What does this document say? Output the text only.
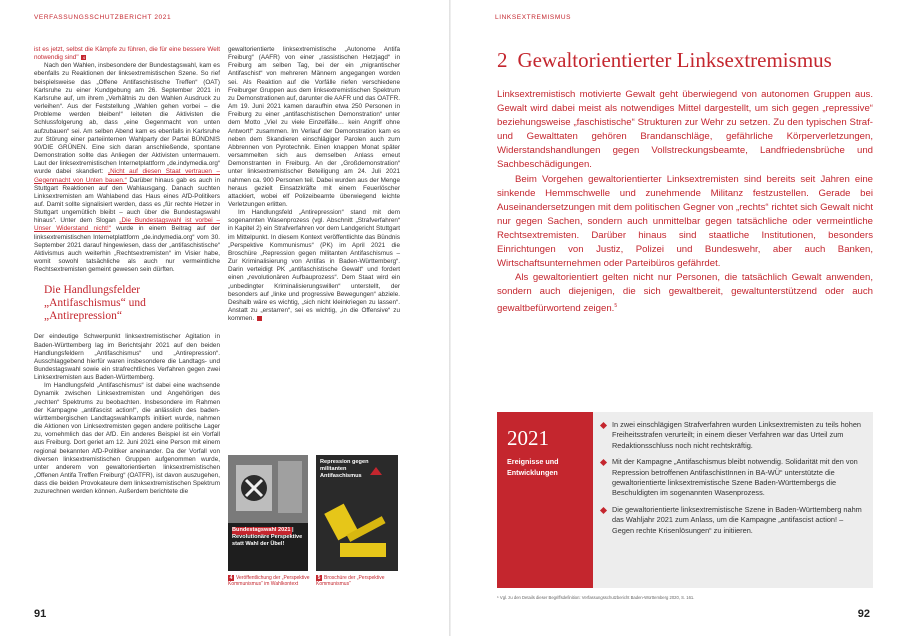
VERFASSUNGSSCHUTZBERICHT 2021

ist es jetzt, selbst die Kämpfe zu führen, die für eine bessere Welt notwendig sind" 4

Nach den Wahlen, insbesondere der Bundestagswahl, kam es ebenfalls zu Reaktionen der linksextremistischen Szene. So rief beispielsweise das „Offene Antifaschistische Treffen“ (OAT) Karlsruhe zu einer Kundgebung am 26. September 2021 in Karlsruhe auf, um ihrem „Verhältnis zu den Wahlen Ausdruck zu verleihen“. Aus der Feststellung „Wahlen gehen vorbei – die Probleme werden bleiben!“ leiteten die Aktivisten die Schlussfolgerung ab, dass „eine Gegenmacht von unten aufzubauen“ sei. Am selben Abend kam es ebenfalls in Karlsruhe zur Störung einer parteiinternen Wahlparty der Partei BÜNDNIS 90/DIE GRÜNEN. Eine sich daran anschließende, spontane Demonstration sollte das Anliegen der Aktivisten untermauern. Laut der linksextremistischen Internetplattform „de.indymedia.org“ wurde dabei skandiert: „Nicht auf diesen Staat vertrauen – Gegenmacht von Unten bauen.“ Darüber hinaus gab es auch in Stuttgart Reaktionen auf den Wahlausgang. Danach suchten Linksextremisten am Wahlabend das Haus eines AfD-Politikers auf. Damit sollte signalisiert werden, dass es „für rechte Hetzer in Stuttgart ungemütlich bleibt – auch über die Bundestagswahl hinaus“. Unter dem Slogan „Die Bundestagswahl ist vorbei – Unser Widerstand nicht!“ wurde in einem Beitrag auf der linksextremistischen Internetplattform „de.indymedia.org“ vom 30. September 2021 darauf hingewiesen, dass der „antifaschistische“ Aktivismus auch weiterhin „Rechtsextremisten“ im Visier habe, womit sowohl tatsächliche als auch nur vermeintliche Rechtsextremisten gemeint gewesen sein dürften.

Die Handlungsfelder
„Antifaschismus“ und
„Antirepression“

Der eindeutige Schwerpunkt linksextremistischer Agitation in Baden-Württemberg lag im Berichtsjahr 2021 auf den beiden Handlungsfeldern „Antifaschismus“ und „Antirepression“. Ausschlaggebend hierfür waren insbesondere die Landtags- und Bundestagswahl sowie ein strafrechtliches Verfahren gegen zwei Linksextremisten aus Baden-Württemberg.

Im Handlungsfeld „Antifaschismus“ ist dabei eine wachsende Dynamik zwischen Linksextremisten und Angehörigen des „rechten“ Spektrums zu beobachten. Insbesondere im Rahmen der Kampagne „antifascist action!“, die anlässlich des baden-württembergischen Landtagswahlkampfs initiiert wurde, nahmen die Aktionen von Linksextremisten gegen andere politische Lager zu, vornehmlich das der AfD. Ein anderes Beispiel ist ein Vorfall aus Freiburg. Dort geriet am 12. Juni 2021 eine Person mit einem regional bekannten AfD-Politiker aneinander. Da der Vorfall von diversen linksextremistischen Gruppen aufgenommen wurde, unter anderem von gewaltorientierten linksextremistischen „Offenen Antifa Treffen Freiburg“ (OATFR), ist davon auszugehen, dass die beiden Provokateure dem linksextremistischen Spektrum zuzurechnen werden können. Außerdem berichtete die

gewaltorientierte linksextremistische „Autonome Antifa Freiburg“ (AAFR) von einer „rassistischen Hetzjagd“ in Freiburg am selben Tag, bei der ein „migrantischer Antifaschist“ von mehreren Männern angegangen worden sei. Als Reaktion auf die Vorfälle riefen verschiedene Freiburger Gruppen aus dem linksextremistischen Spektrum zu Demonstrationen auf, darunter die AAFR und das OATFR. Am 19. Juni 2021 kamen daraufhin etwa 250 Personen in Freiburg zu einer „antifaschistischen Demonstration“ unter dem Motto „Viel zu viele Einzelfälle… kein Angriff ohne Antwort!“ zusammen. Im Verlauf der Demonstration kam es neben dem Skandieren einschlägiger Parolen auch zum Abbrennen von Pyrotechnik. Einen knappen Monat später versammelten sich aus demselben Anlass erneut Demonstranten in Freiburg. An der „Großdemonstration“ unter linksextremistischer Beteiligung am 24. Juli 2021 nahmen ca. 900 Personen teil. Dabei wurden aus der Menge heraus gezielt Einsatzkräfte mit einem Feuerlöscher attackiert, wobei elf Polizeibeamte überwiegend leichte Verletzungen erlitten.

Im Handlungsfeld „Antirepression“ stand mit dem sogenannten Wasenprozess (vgl. Abschnitt „Strafverfahren“ in Kapitel 2) ein Strafverfahren vor dem Landgericht Stuttgart im Mittelpunkt. In diesem Kontext veröffentlichte das Bündnis „Perspektive Kommunismus“ (PK) im April 2021 die Broschüre „Repression gegen militanten Antifaschismus – Zur Kriminalisierung von Antifas in Baden-Württemberg“. Darin verteidigt PK „antifaschistische Gewalt“ und fordert einen „revolutionären Aufbauprozess“. Dem Staat wird ein „unbedingter Kriminalisierungswillen“ unterstellt, der besonders auf „linke und progressive Bewegungen“ abziele. Deshalb wäre es wichtig, „sich nicht kleinkriegen zu lassen“. Anstatt zu „erstarren“, sei es wichtig, „in die Offensive“ zu kommen.	5

Bundestagswahl 2021 | Revolutionäre Perspektive statt Wahl der Übel!
Repression gegen militanten Antifaschismus
4 Veröffentlichung der „Perspektive Kommunismus“ im Wahlkontext
5 Broschüre der „Perspektive Kommunismus“
91
LINKSEXTREMISMUS
92
2 Gewaltorientierter Linksextremismus

Linksextremistisch motivierte Gewalt geht überwiegend von autonomen Gruppen aus. Gewalt wird dabei meist als notwendiges Mittel dargestellt, um sich gegen „repressive“ beziehungsweise „faschistische“ Strukturen zur Wehr zu setzen. Zu den typischen Straf- und Gewalttaten gehören Brandanschläge, gefährliche Körperverletzungen, Widerstandshandlungen gegen Vollstreckungsbeamte, Landfriedensbrüche und Sachbeschädigungen.

Beim Vorgehen gewaltorientierter Linksextremisten sind bereits seit Jahren eine sinkende Hemmschwelle und zunehmende Militanz festzustellen. Gerade bei Auseinandersetzungen mit dem politischen Gegner von „rechts“ richtet sich Gewalt nicht nur gegen Sachen, sondern auch unmittelbar gegen tatsächliche oder vermeintliche Rechtsextremisten. Darüber hinaus sind staatliche Institutionen, besonders Einrichtungen von Justiz, Polizei und Bundeswehr, aber auch Banken, Wirtschaftsunternehmen oder Parteibüros gefährdet.

Als gewaltorientiert gelten nicht nur Personen, die tatsächlich Gewalt anwenden, sondern auch diejenigen, die sich gewaltbereit, gewaltunterstützend oder auch gewaltbefürwortend zeigen.$^5$

2021
Ereignisse und
Entwicklungen
In zwei einschlägigen Strafverfahren wurden Linksextremisten zu teils hohen Freiheitsstrafen verurteilt; in einem dieser Verfahren war das Urteil zum Redaktionsschluss noch nicht rechtskräftig.
Mit der Kampagne „Antifaschismus bleibt notwendig. Solidarität mit den von Repression betroffenen AntifaschistInnen in BA-WÜ“ unterstützte die gewaltorientierte linksextremistische Szene Baden-Württembergs die Beschuldigten im sogenannten Wasenprozess.
Die gewaltorientierte linksextremistische Szene in Baden-Württemberg nahm das Wahljahr 2021 zum Anlass, um die Kampagne „antifascist action! – Gegen rechte Krisenlösungen“ zu initiieren.
⁵ Vgl. zu den Details dieser Begriffsdefinition: Verfassungsschutzbericht Baden-Württemberg 2020, S. 161.
